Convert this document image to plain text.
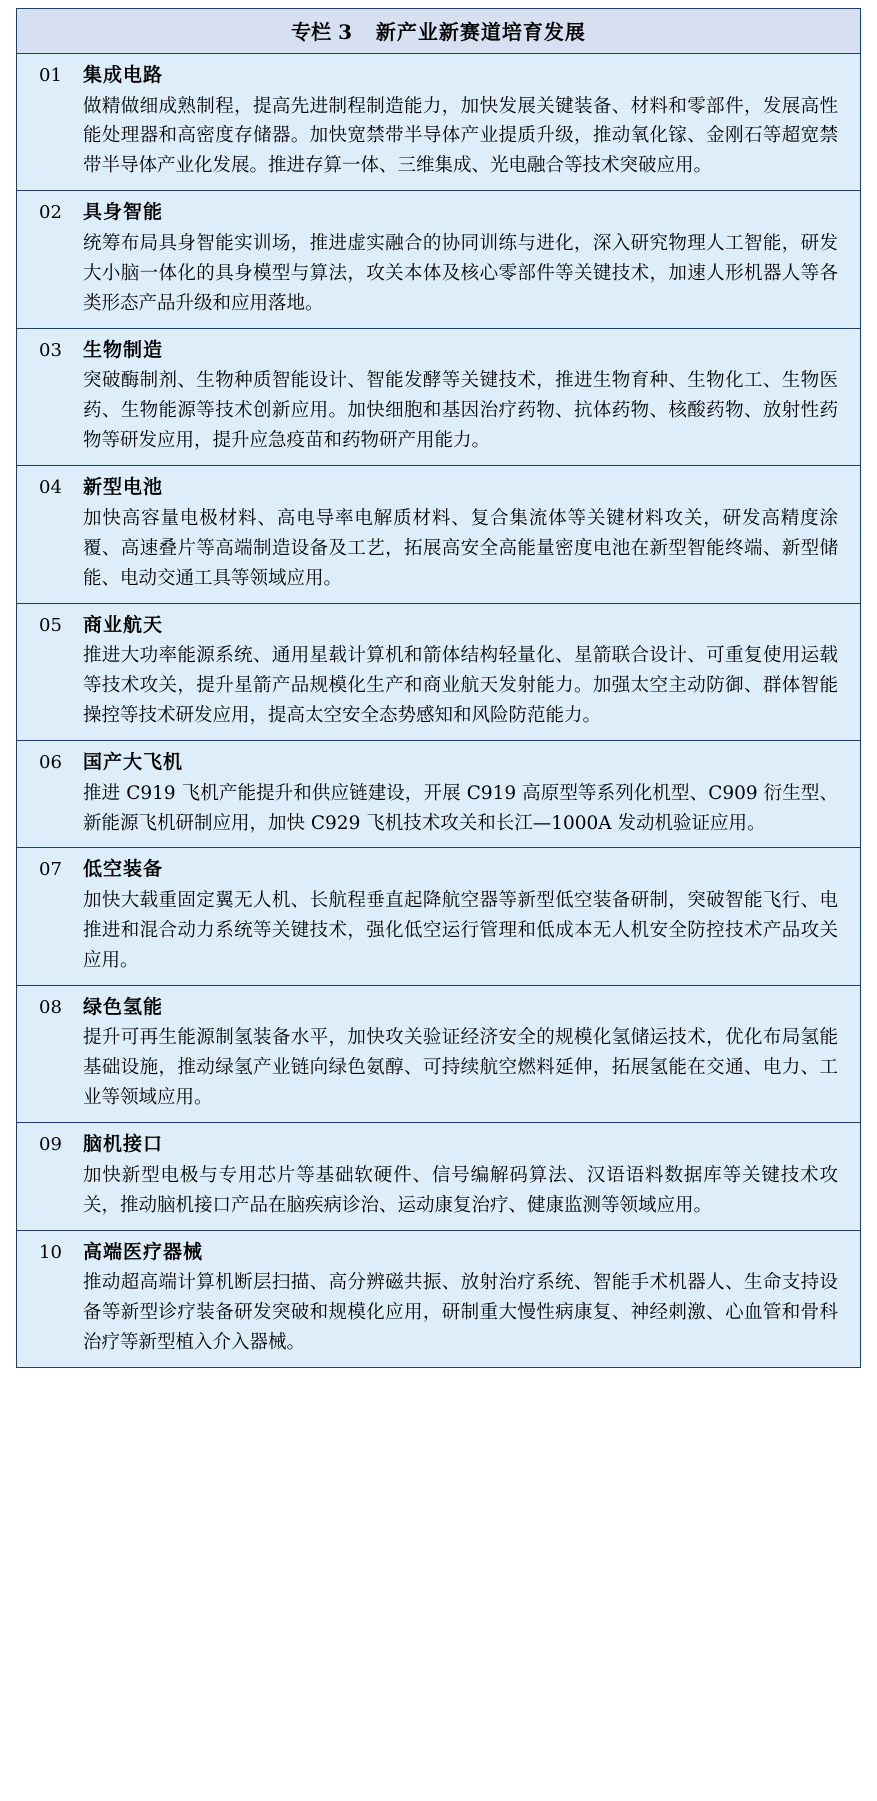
专栏 3 新产业新赛道培育发展
01	集成电路
做精做细成熟制程，提高先进制程制造能力，加快发展关键装备、材料和零部件，发展高性能处理器和高密度存储器。加快宽禁带半导体产业提质升级，推动氧化镓、金刚石等超宽禁带半导体产业化发展。推进存算一体、三维集成、光电融合等技术突破应用。
02	具身智能
统筹布局具身智能实训场，推进虚实融合的协同训练与进化，深入研究物理人工智能，研发大小脑一体化的具身模型与算法，攻关本体及核心零部件等关键技术，加速人形机器人等各类形态产品升级和应用落地。
03	生物制造
突破酶制剂、生物种质智能设计、智能发酵等关键技术，推进生物育种、生物化工、生物医药、生物能源等技术创新应用。加快细胞和基因治疗药物、抗体药物、核酸药物、放射性药物等研发应用，提升应急疫苗和药物研产用能力。
04	新型电池
加快高容量电极材料、高电导率电解质材料、复合集流体等关键材料攻关，研发高精度涂覆、高速叠片等高端制造设备及工艺，拓展高安全高能量密度电池在新型智能终端、新型储能、电动交通工具等领域应用。
05	商业航天
推进大功率能源系统、通用星载计算机和箭体结构轻量化、星箭联合设计、可重复使用运载等技术攻关，提升星箭产品规模化生产和商业航天发射能力。加强太空主动防御、群体智能操控等技术研发应用，提高太空安全态势感知和风险防范能力。
06	国产大飞机
推进 C919 飞机产能提升和供应链建设，开展 C919 高原型等系列化机型、C909 衍生型、新能源飞机研制应用，加快 C929 飞机技术攻关和长江—1000A 发动机验证应用。
07	低空装备
加快大载重固定翼无人机、长航程垂直起降航空器等新型低空装备研制，突破智能飞行、电推进和混合动力系统等关键技术，强化低空运行管理和低成本无人机安全防控技术产品攻关应用。
08	绿色氢能
提升可再生能源制氢装备水平，加快攻关验证经济安全的规模化氢储运技术，优化布局氢能基础设施，推动绿氢产业链向绿色氨醇、可持续航空燃料延伸，拓展氢能在交通、电力、工业等领域应用。
09	脑机接口
加快新型电极与专用芯片等基础软硬件、信号编解码算法、汉语语料数据库等关键技术攻关，推动脑机接口产品在脑疾病诊治、运动康复治疗、健康监测等领域应用。
10	高端医疗器械
推动超高端计算机断层扫描、高分辨磁共振、放射治疗系统、智能手术机器人、生命支持设备等新型诊疗装备研发突破和规模化应用，研制重大慢性病康复、神经刺激、心血管和骨科治疗等新型植入介入器械。
